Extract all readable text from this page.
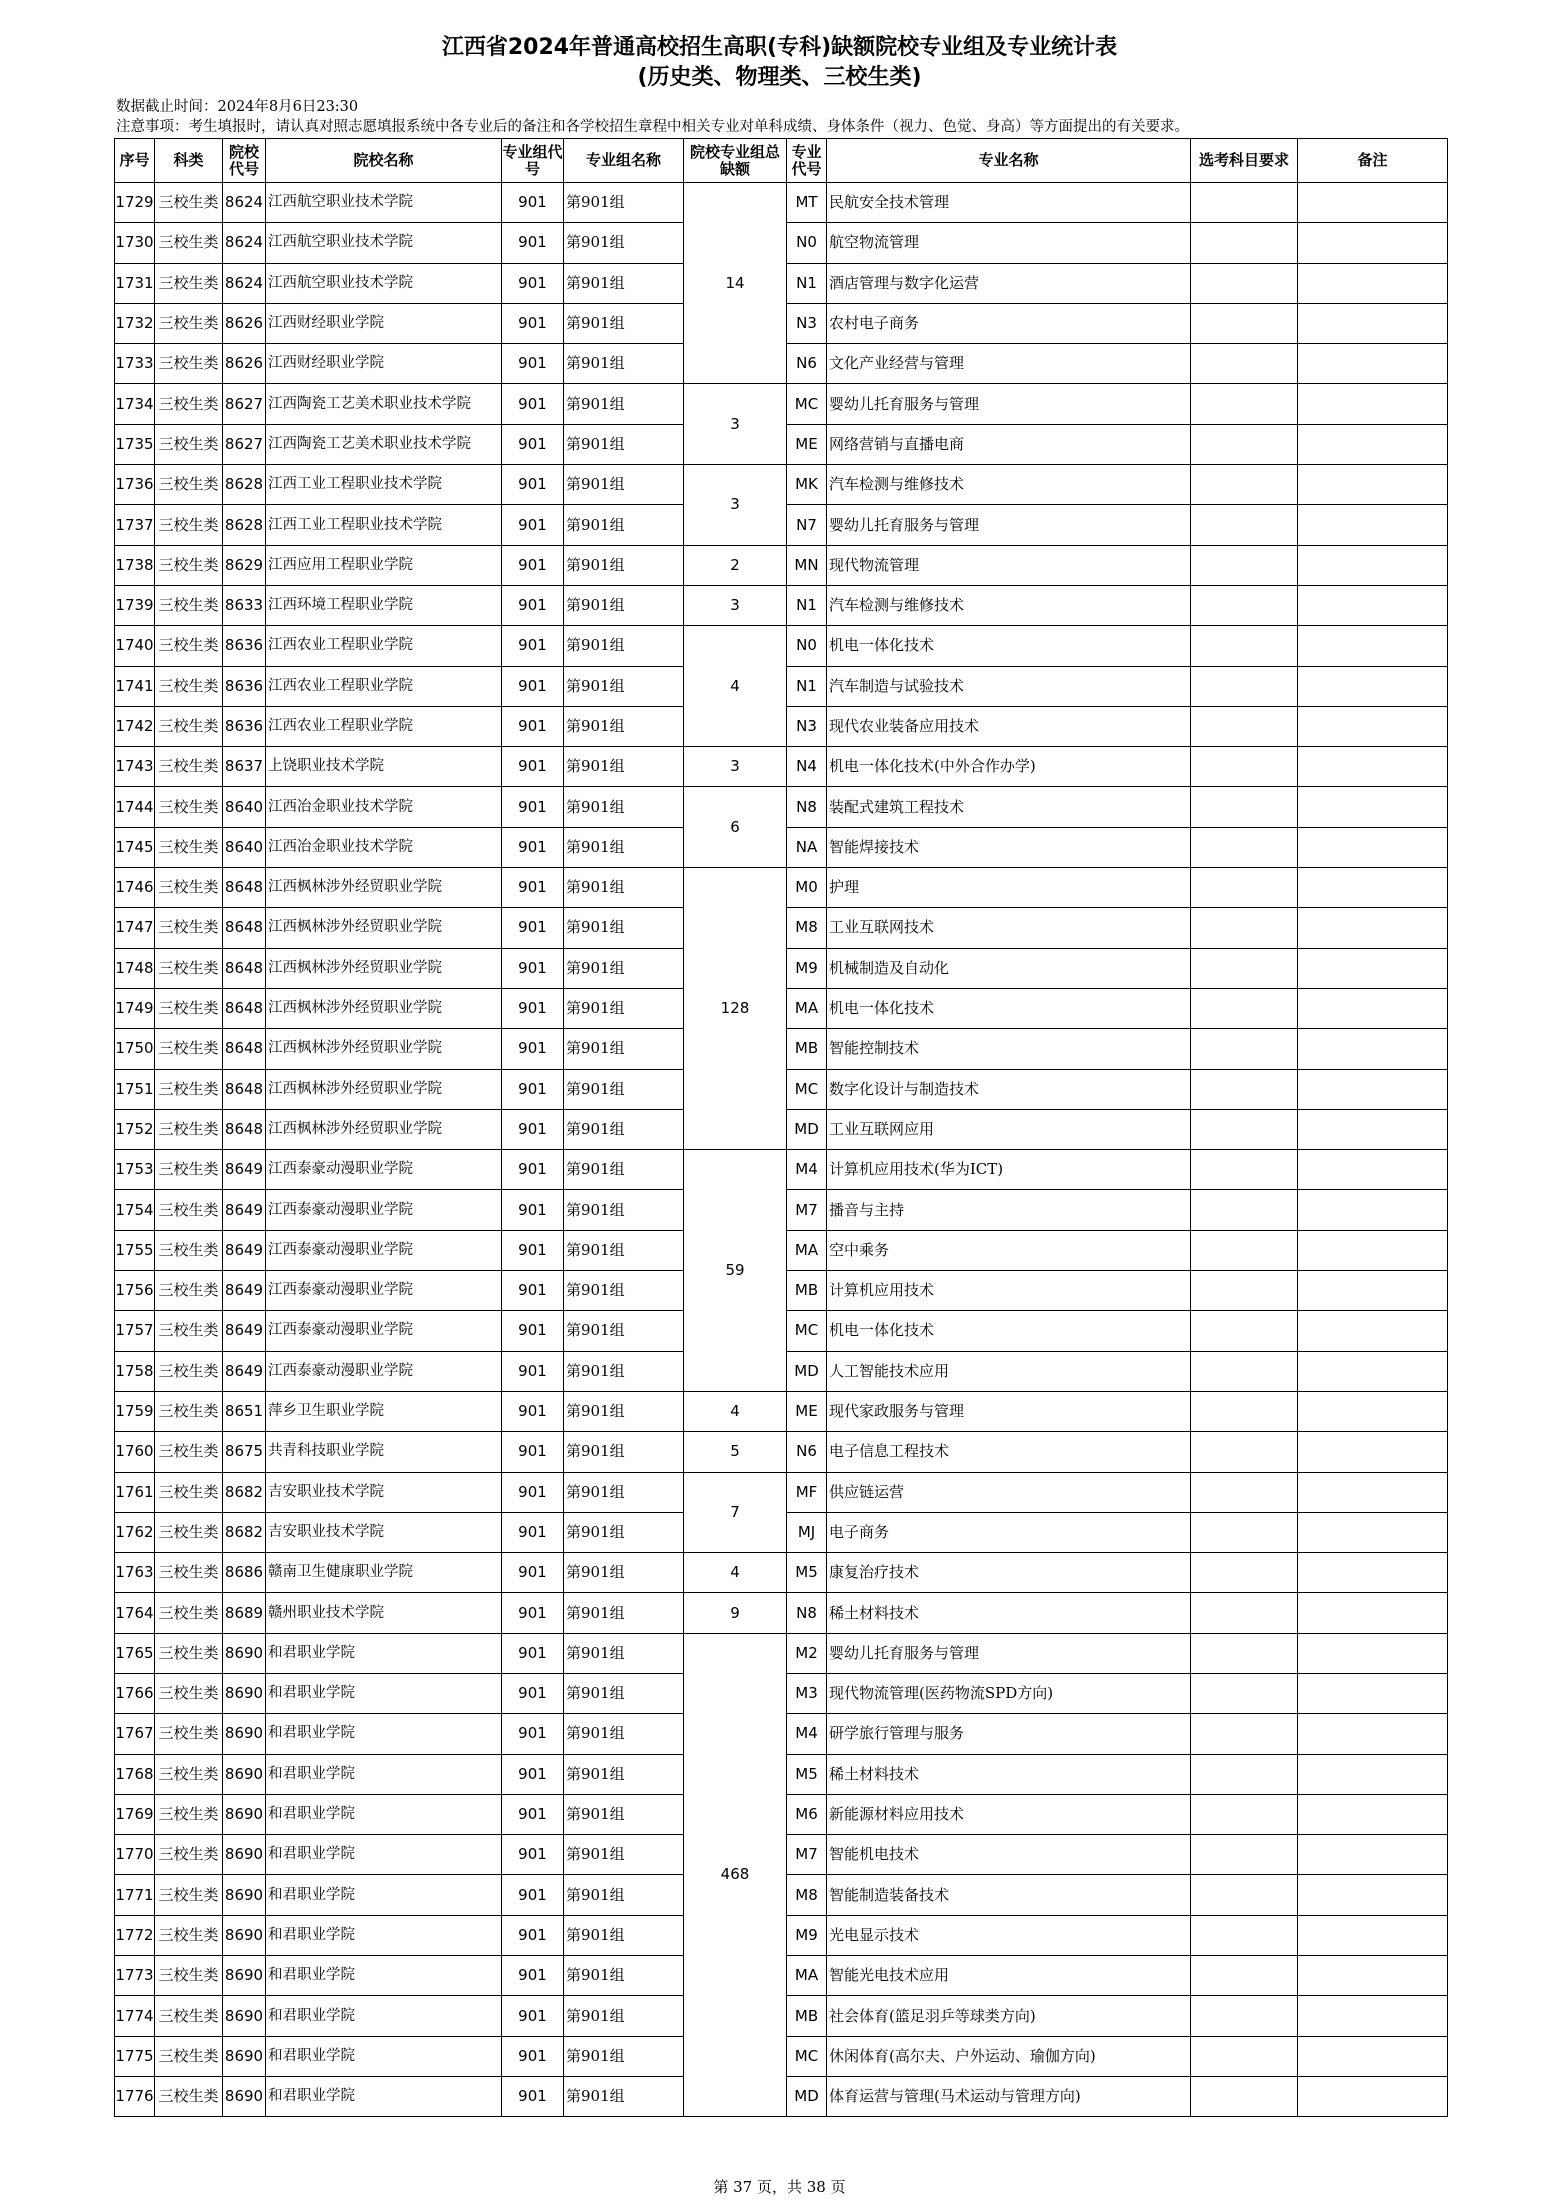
江西省2024年普通高校招生高职(专科)缺额院校专业组及专业统计表
(历史类、物理类、三校生类)
数据截止时间：2024年8月6日23:30
注意事项：考生填报时，请认真对照志愿填报系统中各专业后的备注和各学校招生章程中相关专业对单科成绩、身体条件（视力、色觉、身高）等方面提出的有关要求。
序号	科类	院校代号	院校名称	专业组代号	专业组名称	院校专业组总缺额	专业代号	专业名称	选考科目要求	备注
1729	三校生类	8624	江西航空职业技术学院	901	第901组	14	MT	民航安全技术管理		
1730	三校生类	8624	江西航空职业技术学院	901	第901组		N0	航空物流管理		
1731	三校生类	8624	江西航空职业技术学院	901	第901组		N1	酒店管理与数字化运营		
1732	三校生类	8626	江西财经职业学院	901	第901组		N3	农村电子商务		
1733	三校生类	8626	江西财经职业学院	901	第901组		N6	文化产业经营与管理		
1734	三校生类	8627	江西陶瓷工艺美术职业技术学院	901	第901组	3	MC	婴幼儿托育服务与管理		
1735	三校生类	8627	江西陶瓷工艺美术职业技术学院	901	第901组		ME	网络营销与直播电商		
1736	三校生类	8628	江西工业工程职业技术学院	901	第901组	3	MK	汽车检测与维修技术		
1737	三校生类	8628	江西工业工程职业技术学院	901	第901组		N7	婴幼儿托育服务与管理		
1738	三校生类	8629	江西应用工程职业学院	901	第901组	2	MN	现代物流管理		
1739	三校生类	8633	江西环境工程职业学院	901	第901组	3	N1	汽车检测与维修技术		
1740	三校生类	8636	江西农业工程职业学院	901	第901组	4	N0	机电一体化技术		
1741	三校生类	8636	江西农业工程职业学院	901	第901组		N1	汽车制造与试验技术		
1742	三校生类	8636	江西农业工程职业学院	901	第901组		N3	现代农业装备应用技术		
1743	三校生类	8637	上饶职业技术学院	901	第901组	3	N4	机电一体化技术(中外合作办学)		
1744	三校生类	8640	江西冶金职业技术学院	901	第901组	6	N8	装配式建筑工程技术		
1745	三校生类	8640	江西冶金职业技术学院	901	第901组		NA	智能焊接技术		
1746	三校生类	8648	江西枫林涉外经贸职业学院	901	第901组	128	M0	护理		
1747	三校生类	8648	江西枫林涉外经贸职业学院	901	第901组		M8	工业互联网技术		
1748	三校生类	8648	江西枫林涉外经贸职业学院	901	第901组		M9	机械制造及自动化		
1749	三校生类	8648	江西枫林涉外经贸职业学院	901	第901组		MA	机电一体化技术		
1750	三校生类	8648	江西枫林涉外经贸职业学院	901	第901组		MB	智能控制技术		
1751	三校生类	8648	江西枫林涉外经贸职业学院	901	第901组		MC	数字化设计与制造技术		
1752	三校生类	8648	江西枫林涉外经贸职业学院	901	第901组		MD	工业互联网应用		
1753	三校生类	8649	江西泰豪动漫职业学院	901	第901组	59	M4	计算机应用技术(华为ICT)		
1754	三校生类	8649	江西泰豪动漫职业学院	901	第901组		M7	播音与主持		
1755	三校生类	8649	江西泰豪动漫职业学院	901	第901组		MA	空中乘务		
1756	三校生类	8649	江西泰豪动漫职业学院	901	第901组		MB	计算机应用技术		
1757	三校生类	8649	江西泰豪动漫职业学院	901	第901组		MC	机电一体化技术		
1758	三校生类	8649	江西泰豪动漫职业学院	901	第901组		MD	人工智能技术应用		
1759	三校生类	8651	萍乡卫生职业学院	901	第901组	4	ME	现代家政服务与管理		
1760	三校生类	8675	共青科技职业学院	901	第901组	5	N6	电子信息工程技术		
1761	三校生类	8682	吉安职业技术学院	901	第901组	7	MF	供应链运营		
1762	三校生类	8682	吉安职业技术学院	901	第901组		MJ	电子商务		
1763	三校生类	8686	赣南卫生健康职业学院	901	第901组	4	M5	康复治疗技术		
1764	三校生类	8689	赣州职业技术学院	901	第901组	9	N8	稀土材料技术		
1765	三校生类	8690	和君职业学院	901	第901组	468	M2	婴幼儿托育服务与管理		
1766	三校生类	8690	和君职业学院	901	第901组		M3	现代物流管理(医药物流SPD方向)		
1767	三校生类	8690	和君职业学院	901	第901组		M4	研学旅行管理与服务		
1768	三校生类	8690	和君职业学院	901	第901组		M5	稀土材料技术		
1769	三校生类	8690	和君职业学院	901	第901组		M6	新能源材料应用技术		
1770	三校生类	8690	和君职业学院	901	第901组		M7	智能机电技术		
1771	三校生类	8690	和君职业学院	901	第901组		M8	智能制造装备技术		
1772	三校生类	8690	和君职业学院	901	第901组		M9	光电显示技术		
1773	三校生类	8690	和君职业学院	901	第901组		MA	智能光电技术应用		
1774	三校生类	8690	和君职业学院	901	第901组		MB	社会体育(篮足羽乒等球类方向)		
1775	三校生类	8690	和君职业学院	901	第901组		MC	休闲体育(高尔夫、户外运动、瑜伽方向)		
1776	三校生类	8690	和君职业学院	901	第901组		MD	体育运营与管理(马术运动与管理方向)		
第 37 页，共 38 页
